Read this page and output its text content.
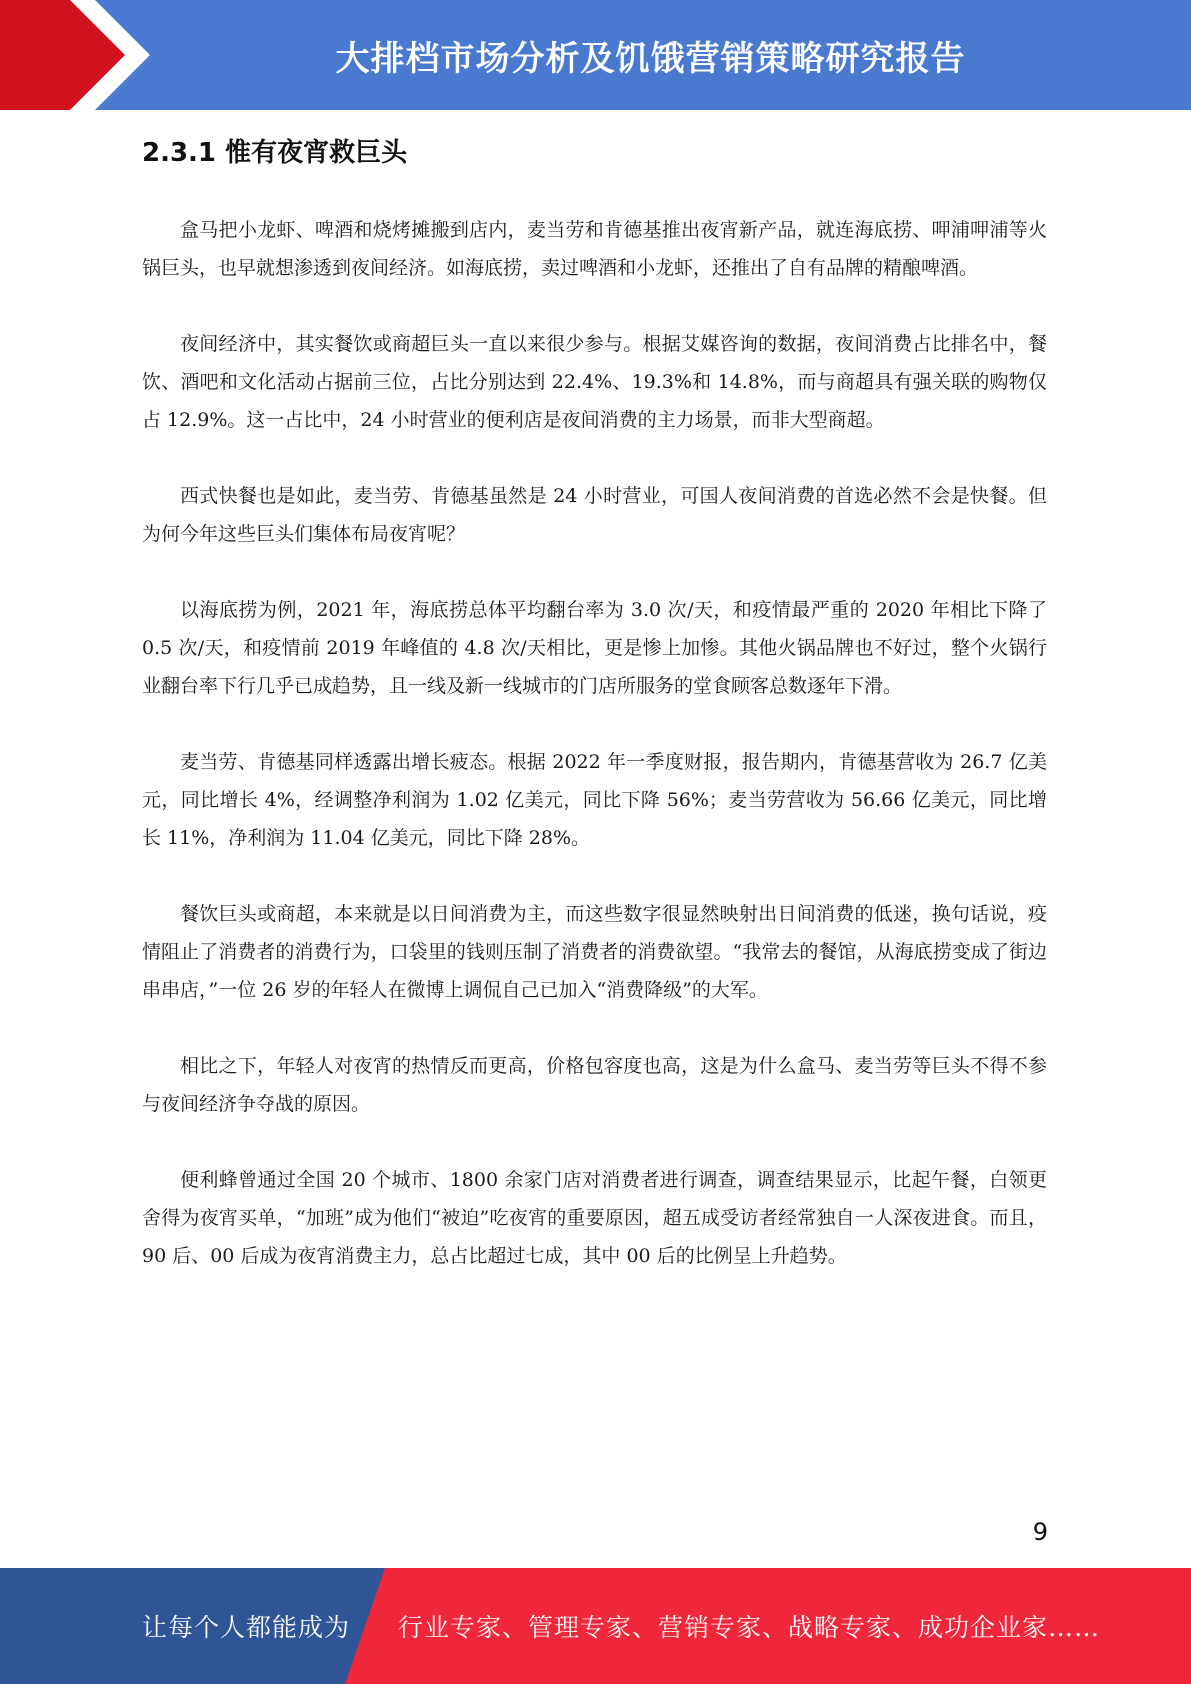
大排档市场分析及饥饿营销策略研究报告
2.3.1 惟有夜宵救巨头

盒马把小龙虾、啤酒和烧烤摊搬到店内，麦当劳和肯德基推出夜宵新产品，就连海底捞、呷浦呷浦等火锅巨头，也早就想渗透到夜间经济。如海底捞，卖过啤酒和小龙虾，还推出了自有品牌的精酿啤酒。

夜间经济中，其实餐饮或商超巨头一直以来很少参与。根据艾媒咨询的数据，夜间消费占比排名中，餐饮、酒吧和文化活动占据前三位，占比分别达到 22.4%、19.3%和 14.8%，而与商超具有强关联的购物仅占 12.9%。这一占比中，24 小时营业的便利店是夜间消费的主力场景，而非大型商超。

西式快餐也是如此，麦当劳、肯德基虽然是 24 小时营业，可国人夜间消费的首选必然不会是快餐。但为何今年这些巨头们集体布局夜宵呢？

以海底捞为例，2021 年，海底捞总体平均翻台率为 3.0 次/天，和疫情最严重的 2020 年相比下降了 0.5 次/天，和疫情前 2019 年峰值的 4.8 次/天相比，更是惨上加惨。其他火锅品牌也不好过，整个火锅行业翻台率下行几乎已成趋势，且一线及新一线城市的门店所服务的堂食顾客总数逐年下滑。

麦当劳、肯德基同样透露出增长疲态。根据 2022 年一季度财报，报告期内，肯德基营收为 26.7 亿美元，同比增长 4%，经调整净利润为 1.02 亿美元，同比下降 56%；麦当劳营收为 56.66 亿美元，同比增长 11%，净利润为 11.04 亿美元，同比下降 28%。

餐饮巨头或商超，本来就是以日间消费为主，而这些数字很显然映射出日间消费的低迷，换句话说，疫情阻止了消费者的消费行为，口袋里的钱则压制了消费者的消费欲望。“我常去的餐馆，从海底捞变成了街边串串店，”一位 26 岁的年轻人在微博上调侃自己已加入“消费降级”的大军。

相比之下，年轻人对夜宵的热情反而更高，价格包容度也高，这是为什么盒马、麦当劳等巨头不得不参与夜间经济争夺战的原因。

便利蜂曾通过全国 20 个城市、1800 余家门店对消费者进行调查，调查结果显示，比起午餐，白领更舍得为夜宵买单，“加班”成为他们“被迫”吃夜宵的重要原因，超五成受访者经常独自一人深夜进食。而且，90 后、00 后成为夜宵消费主力，总占比超过七成，其中 00 后的比例呈上升趋势。

9
让每个人都能成为 行业专家、管理专家、营销专家、战略专家、成功企业家……
